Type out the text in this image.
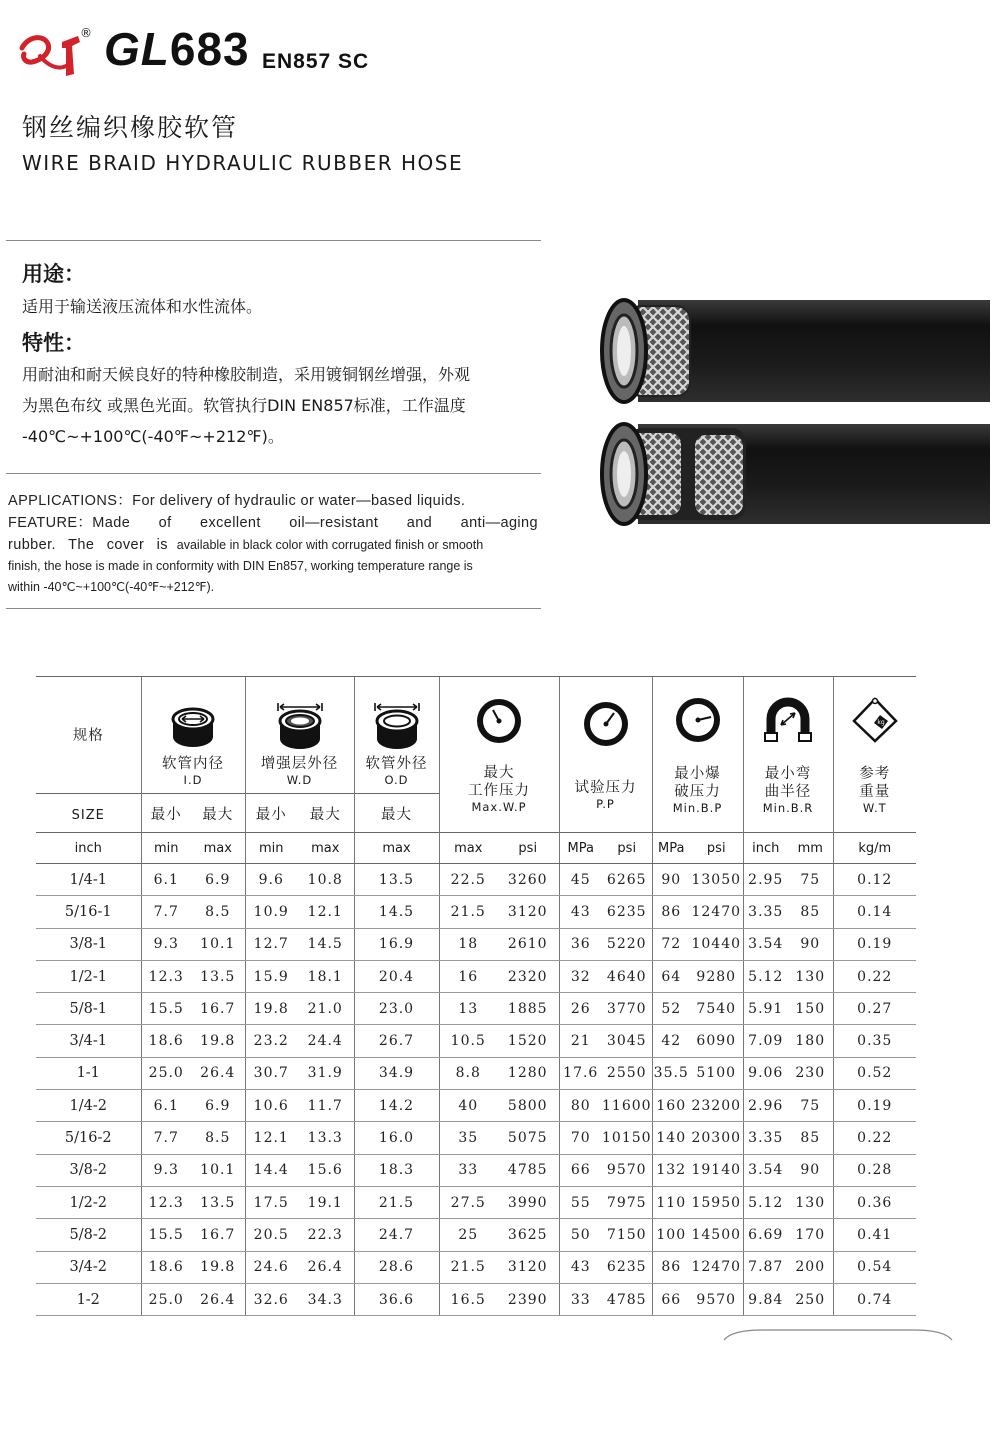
® GL683 EN857 SC
钢丝编织橡胶软管
WIRE BRAID HYDRAULIC RUBBER HOSE
用途：
适用于输送液压流体和水性流体。
特性：
用耐油和耐天候良好的特种橡胶制造，采用镀铜钢丝增强，外观
为黑色布纹 或黑色光面。软管执行DIN EN857标准，工作温度
-40℃~+100℃(-40℉~+212℉)。
APPLICATIONS：For delivery of hydraulic or water—based liquids.
FEATURE：Made of excellent oil—resistant and anti—aging
rubber. The cover is available in black color with corrugated finish or smooth
finish, the hose is made in conformity with DIN En857, working temperature range is
within -40℃~+100℃(-40℉~+212℉).
规格	软管内径
I.D		增强层外径
W.D		软管外径
O.D	最大
工作压力
Max.W.P		试验压力
P.P		最小爆
破压力
Min.B.P		最小弯
曲半径
Min.B.R		kg
参考
重量
W.T

SIZE	最小	最大	最小	最大	最大									
inch	min	max	min	max	max	max	psi	MPa	psi	MPa	psi	inch	mm	kg/m
1/4-1	6.1	6.9	9.6	10.8	13.5	22.5	3260	45	6265	90	13050	2.95	75	0.12
5/16-1	7.7	8.5	10.9	12.1	14.5	21.5	3120	43	6235	86	12470	3.35	85	0.14
3/8-1	9.3	10.1	12.7	14.5	16.9	18	2610	36	5220	72	10440	3.54	90	0.19
1/2-1	12.3	13.5	15.9	18.1	20.4	16	2320	32	4640	64	9280	5.12	130	0.22
5/8-1	15.5	16.7	19.8	21.0	23.0	13	1885	26	3770	52	7540	5.91	150	0.27
3/4-1	18.6	19.8	23.2	24.4	26.7	10.5	1520	21	3045	42	6090	7.09	180	0.35
1-1	25.0	26.4	30.7	31.9	34.9	8.8	1280	17.6	2550	35.5	5100	9.06	230	0.52
1/4-2	6.1	6.9	10.6	11.7	14.2	40	5800	80	11600	160	23200	2.96	75	0.19
5/16-2	7.7	8.5	12.1	13.3	16.0	35	5075	70	10150	140	20300	3.35	85	0.22
3/8-2	9.3	10.1	14.4	15.6	18.3	33	4785	66	9570	132	19140	3.54	90	0.28
1/2-2	12.3	13.5	17.5	19.1	21.5	27.5	3990	55	7975	110	15950	5.12	130	0.36
5/8-2	15.5	16.7	20.5	22.3	24.7	25	3625	50	7150	100	14500	6.69	170	0.41
3/4-2	18.6	19.8	24.6	26.4	28.6	21.5	3120	43	6235	86	12470	7.87	200	0.54
1-2	25.0	26.4	32.6	34.3	36.6	16.5	2390	33	4785	66	9570	9.84	250	0.74
